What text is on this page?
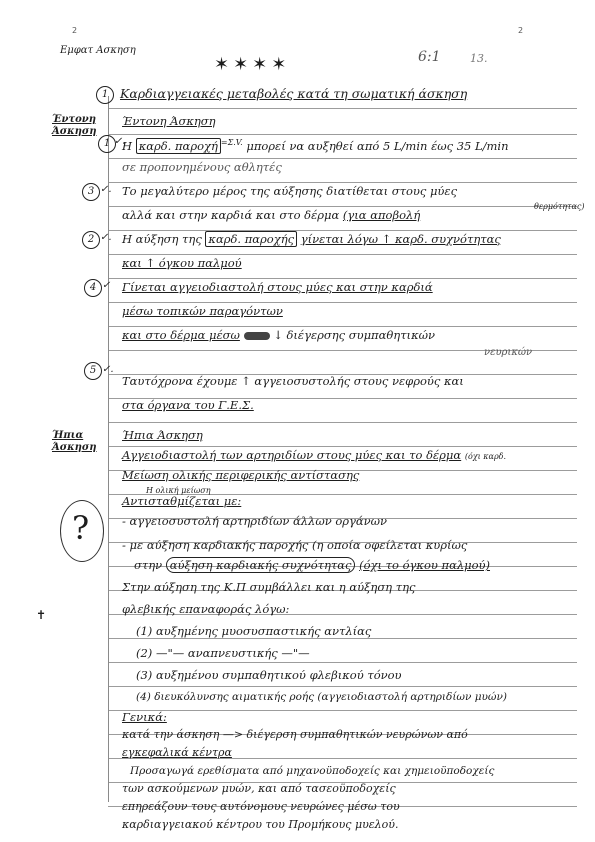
2	2
Εμφατ Ασκηση
✶✶✶✶	6:1	13.
1 Καρδιαγγειακές μεταβολές κατά τη σωματική άσκηση
Έντονη Άσκηση
Έντονη Άσκηση
1 ✓.
Η καρδ. παροχή $^{=\Sigma.V.}$ μπορεί να αυξηθεί από 5 L/min έως 35 L/min
σε προπονημένους αθλητές
3 ✓. Το μεγαλύτερο μέρος της αύξησης διατίθεται στους μύες
αλλά και στην καρδιά και στο δέρμα (για αποβολή
θερμότητας)
2 ✓. Η αύξηση της καρδ. παροχής γίνεται λόγω ↑ καρδ. συχνότητας
και ↑ όγκου παλμού
4 ✓ Γίνεται αγγειοδιαστολή στους μύες και στην καρδιά
μέσω τοπικών παραγόντων
και στο δέρμα μέσω	↓ διέγερσης συμπαθητικών
νευρικών
5 ✓.
Ταυτόχρονα έχουμε ↑ αγγειοσυστολής στους νεφρούς και
στα όργανα του Γ.Ε.Σ.
Ήπια Άσκηση
Ήπια Άσκηση
Αγγειοδιαστολή των αρτηριδίων στους μύες και το δέρμα (όχι καρδ.
Μείωση ολικής περιφερικής αντίστασης
Η ολική μείωση
Αντισταθμίζεται με:
- αγγειοσυστολή αρτηριδίων άλλων οργάνων
- με αύξηση καρδιακής παροχής (η οποία οφείλεται κυρίως
στην αύξηση καρδιακής συχνότητας (όχι το όγκου παλμού)
Στην αύξηση της Κ.Π συμβάλλει και η αύξηση της
φλεβικής επαναφοράς λόγω:
(1) αυξημένης μυοσυσπαστικής αντλίας
(2) —"— αναπνευστικής —"—
(3) αυξημένου συμπαθητικού φλεβικού τόνου
(4) διευκόλυνσης αιματικής ροής (αγγειοδιαστολή αρτηριδίων μυών)
?
✝
Γενικά:
κατά την άσκηση —> διέγερση συμπαθητικών νευρώνων από
εγκεφαλικά κέντρα
Προσαγωγά ερεθίσματα από μηχανοϋποδοχείς και χημειοϋποδοχείς
των ασκούμενων μυών, και από τασεοϋποδοχείς
επηρεάζουν τους αυτόνομους νευρώνες μέσω του
καρδιαγγειακού κέντρου του Προμήκους μυελού.
